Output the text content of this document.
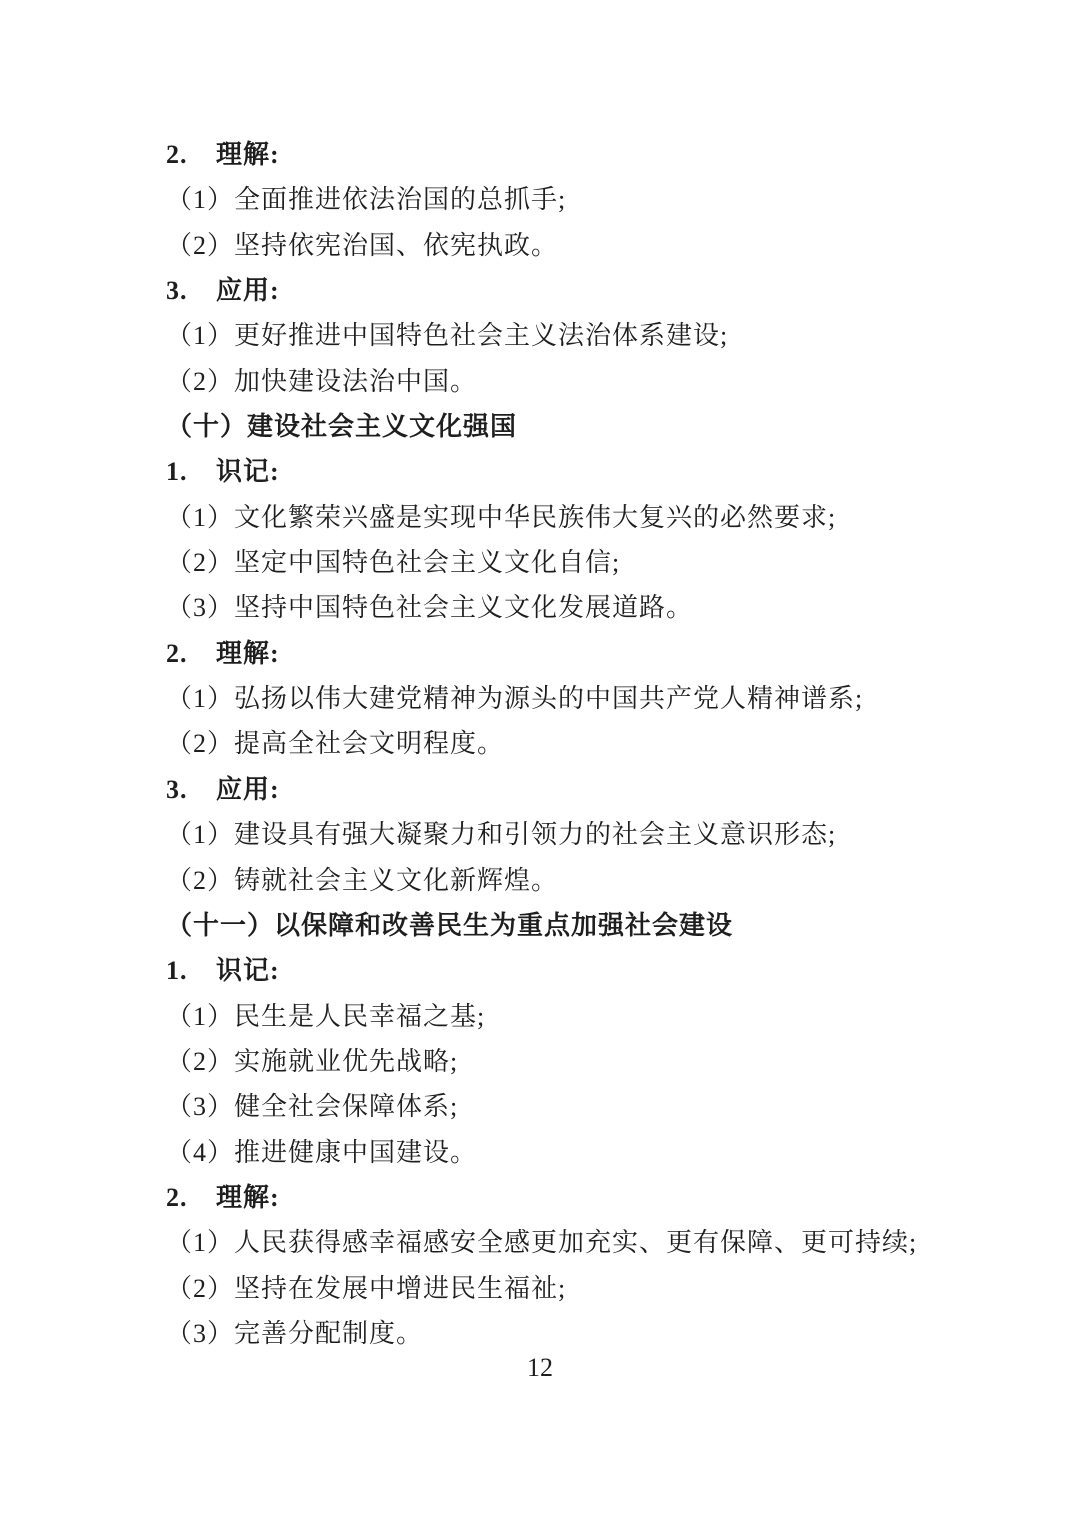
2. 理解:
（1）全面推进依法治国的总抓手;
（2）坚持依宪治国、依宪执政。
3. 应用:
（1）更好推进中国特色社会主义法治体系建设;
（2）加快建设法治中国。
（十）建设社会主义文化强国
1. 识记:
（1）文化繁荣兴盛是实现中华民族伟大复兴的必然要求;
（2）坚定中国特色社会主义文化自信;
（3）坚持中国特色社会主义文化发展道路。
2. 理解:
（1）弘扬以伟大建党精神为源头的中国共产党人精神谱系;
（2）提高全社会文明程度。
3. 应用:
（1）建设具有强大凝聚力和引领力的社会主义意识形态;
（2）铸就社会主义文化新辉煌。
（十一）以保障和改善民生为重点加强社会建设
1. 识记:
（1）民生是人民幸福之基;
（2）实施就业优先战略;
（3）健全社会保障体系;
（4）推进健康中国建设。
2. 理解:
（1）人民获得感幸福感安全感更加充实、更有保障、更可持续;
（2）坚持在发展中增进民生福祉;
（3）完善分配制度。
12
